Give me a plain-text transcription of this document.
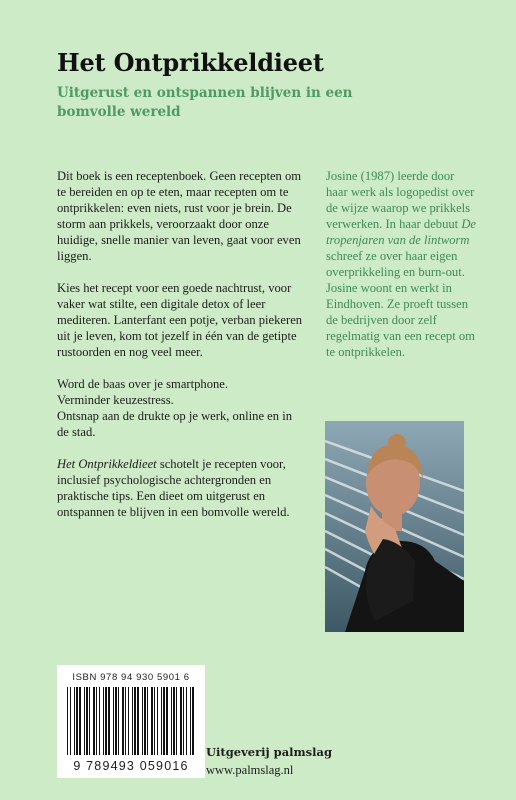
Het Ontprikkeldieet

Uitgerust en ontspannen blijven in een bomvolle wereld

Dit boek is een receptenboek. Geen recepten om te bereiden en op te eten, maar recepten om te ontprikkelen: even niets, rust voor je brein. De storm aan prikkels, veroorzaakt door onze huidige, snelle manier van leven, gaat voor even liggen.

Kies het recept voor een goede nachtrust, voor vaker wat stilte, een digitale detox of leer mediteren. Lanterfant een potje, verban piekeren uit je leven, kom tot jezelf in één van de getipte rustoorden en nog veel meer.

Word de baas over je smartphone.
Verminder keuzestress.
Ontsnap aan de drukte op je werk, online en in de stad.

Het Ontprikkeldieet schotelt je recepten voor, inclusief psychologische achtergronden en praktische tips. Een dieet om uitgerust en ontspannen te blijven in een bomvolle wereld.

Josine (1987) leerde door haar werk als logopedist over de wijze waarop we prikkels verwerken. In haar debuut De tropenjaren van de lintworm schreef ze over haar eigen overprikkeling en burn-out. Josine woont en werkt in Eindhoven. Ze proeft tussen de bedrijven door zelf regelmatig van een recept om te ontprikkelen.

ISBN 978 94 930 5901 6
9 789493 059016
Uitgeverij palmslag
www.palmslag.nl
